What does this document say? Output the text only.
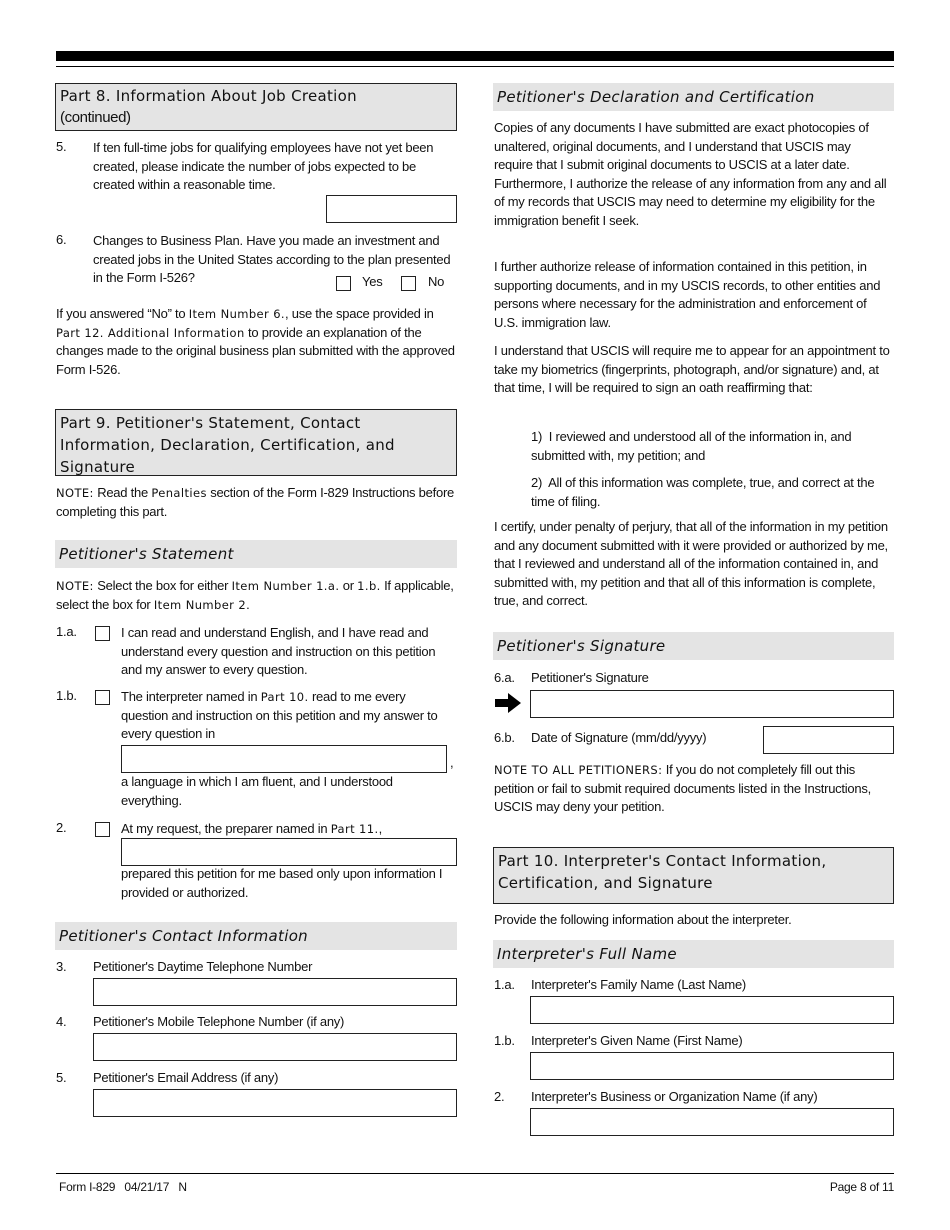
Part 8. Information About Job Creation
(continued)
5. If ten full-time jobs for qualifying employees have not yet been created, please indicate the number of jobs expected to be created within a reasonable time.
6. Changes to Business Plan. Have you made an investment and created jobs in the United States according to the plan presented in the Form I-526?	Yes	No
If you answered “No” to Item Number 6., use the space provided in Part 12. Additional Information to provide an explanation of the changes made to the original business plan submitted with the approved Form I-526.
Part 9. Petitioner's Statement, Contact Information, Declaration, Certification, and Signature
NOTE: Read the Penalties section of the Form I-829 Instructions before completing this part.
Petitioner's Statement
NOTE: Select the box for either Item Number 1.a. or 1.b. If applicable, select the box for Item Number 2.
1.a.	I can read and understand English, and I have read and understand every question and instruction on this petition and my answer to every question.
1.b.	The interpreter named in Part 10. read to me every question and instruction on this petition and my answer to every question in
,
a language in which I am fluent, and I understood everything.
2.	At my request, the preparer named in Part 11.,
prepared this petition for me based only upon information I provided or authorized.
Petitioner's Contact Information
3. Petitioner's Daytime Telephone Number
4. Petitioner's Mobile Telephone Number (if any)
5. Petitioner's Email Address (if any)
Petitioner's Declaration and Certification
Copies of any documents I have submitted are exact photocopies of unaltered, original documents, and I understand that USCIS may require that I submit original documents to USCIS at a later date. Furthermore, I authorize the release of any information from any and all of my records that USCIS may need to determine my eligibility for the immigration benefit I seek.
I further authorize release of information contained in this petition, in supporting documents, and in my USCIS records, to other entities and persons where necessary for the administration and enforcement of U.S. immigration law.
I understand that USCIS will require me to appear for an appointment to take my biometrics (fingerprints, photograph, and/or signature) and, at that time, I will be required to sign an oath reaffirming that:
1) I reviewed and understood all of the information in, and submitted with, my petition; and
2) All of this information was complete, true, and correct at the time of filing.
I certify, under penalty of perjury, that all of the information in my petition and any document submitted with it were provided or authorized by me, that I reviewed and understand all of the information contained in, and submitted with, my petition and that all of this information is complete, true, and correct.
Petitioner's Signature
6.a. Petitioner's Signature
6.b. Date of Signature (mm/dd/yyyy)
NOTE TO ALL PETITIONERS: If you do not completely fill out this petition or fail to submit required documents listed in the Instructions, USCIS may deny your petition.
Part 10. Interpreter's Contact Information, Certification, and Signature
Provide the following information about the interpreter.
Interpreter's Full Name
1.a. Interpreter's Family Name (Last Name)
1.b. Interpreter's Given Name (First Name)
2. Interpreter's Business or Organization Name (if any)
Form I-829   04/21/17   N	Page 8 of 11
